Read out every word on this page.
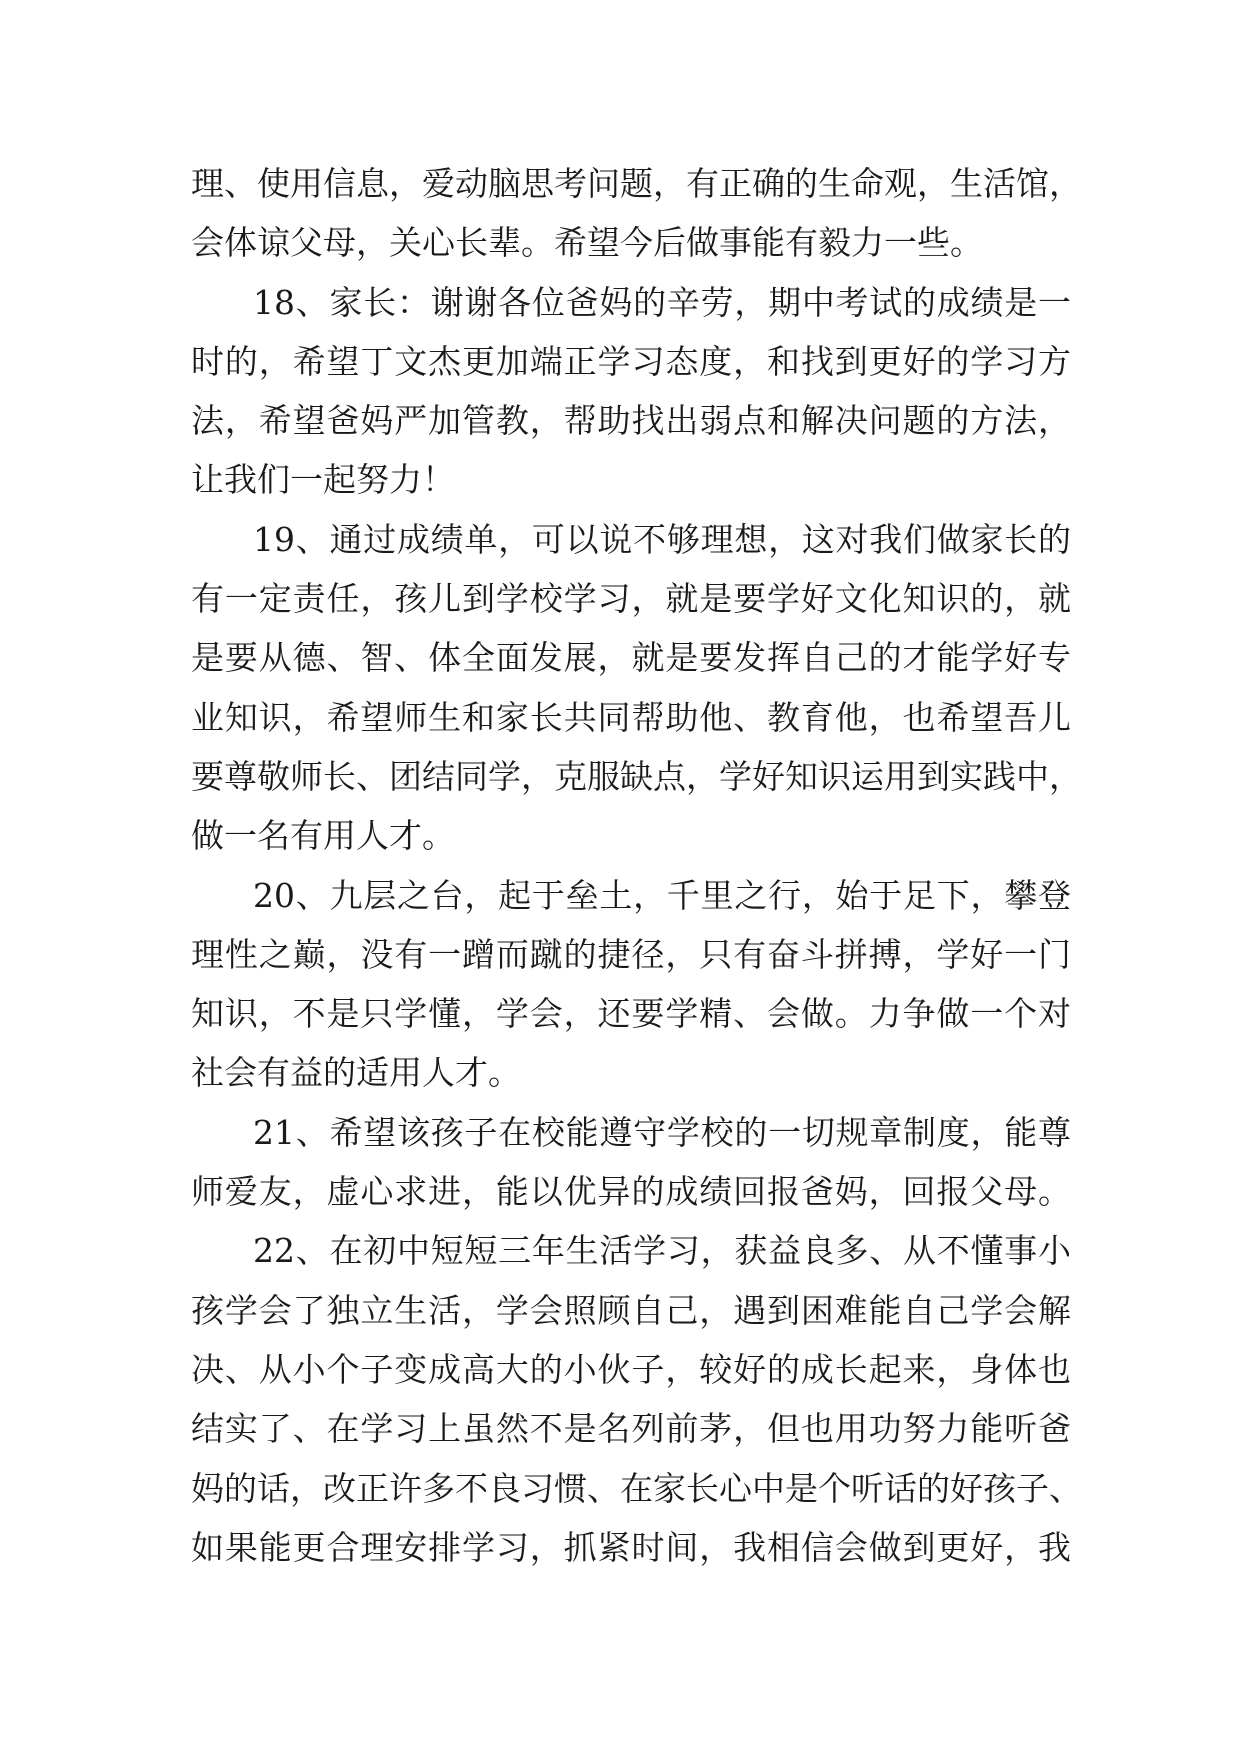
理、使用信息，爱动脑思考问题，有正确的生命观，生活馆，
会体谅父母，关心长辈。希望今后做事能有毅力一些。
18、家长：谢谢各位爸妈的辛劳，期中考试的成绩是一
时的，希望丁文杰更加端正学习态度，和找到更好的学习方
法，希望爸妈严加管教，帮助找出弱点和解决问题的方法，
让我们一起努力！
19、通过成绩单，可以说不够理想，这对我们做家长的
有一定责任，孩儿到学校学习，就是要学好文化知识的，就
是要从德、智、体全面发展，就是要发挥自己的才能学好专
业知识，希望师生和家长共同帮助他、教育他，也希望吾儿
要尊敬师长、团结同学，克服缺点，学好知识运用到实践中，
做一名有用人才。
20、九层之台，起于垒土，千里之行，始于足下，攀登
理性之巅，没有一蹭而蹴的捷径，只有奋斗拼搏，学好一门
知识，不是只学懂，学会，还要学精、会做。力争做一个对
社会有益的适用人才。
21、希望该孩子在校能遵守学校的一切规章制度，能尊
师爱友，虚心求进，能以优异的成绩回报爸妈，回报父母。
22、在初中短短三年生活学习，获益良多、从不懂事小
孩学会了独立生活，学会照顾自己，遇到困难能自己学会解
决、从小个子变成高大的小伙子，较好的成长起来，身体也
结实了、在学习上虽然不是名列前茅，但也用功努力能听爸
妈的话，改正许多不良习惯、在家长心中是个听话的好孩子、
如果能更合理安排学习，抓紧时间，我相信会做到更好，我
